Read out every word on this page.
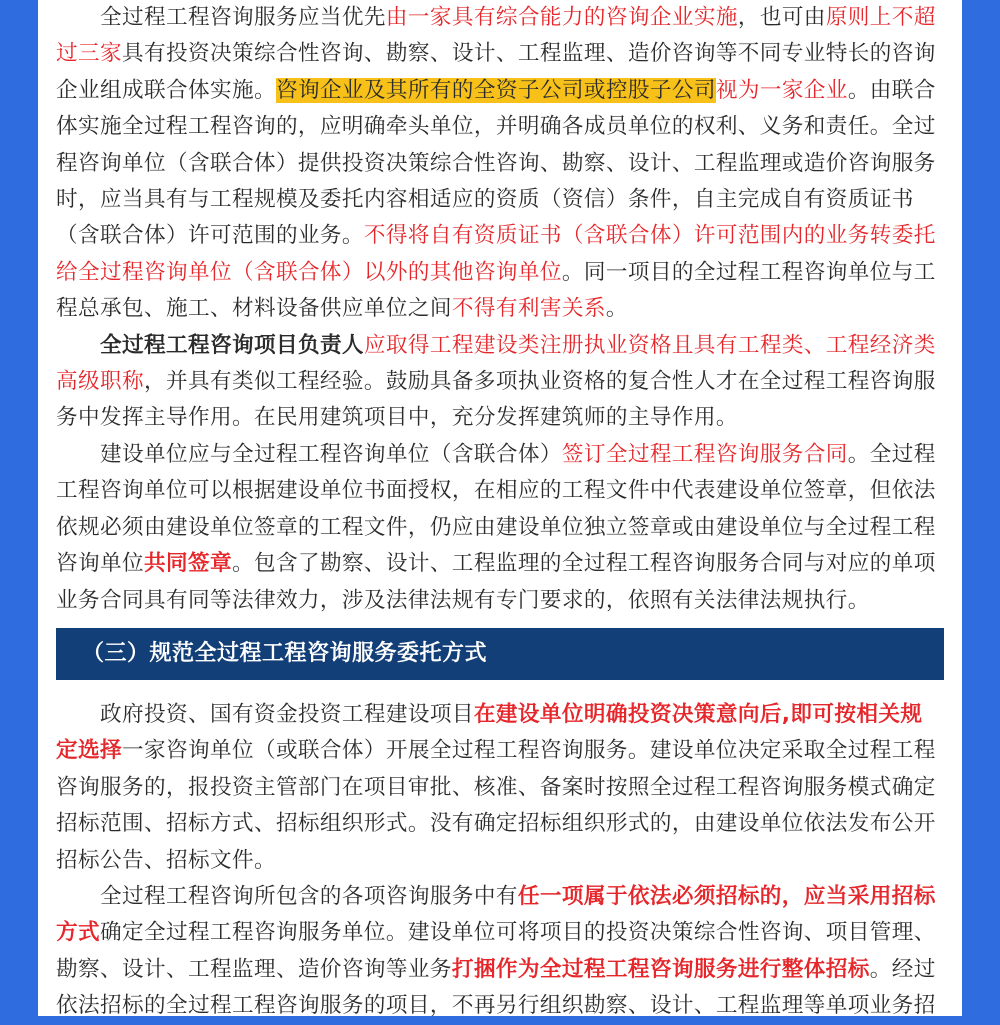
　　全过程工程咨询服务应当优先由一家具有综合能力的咨询企业实施，也可由原则上不超
过三家具有投资决策综合性咨询、勘察、设计、工程监理、造价咨询等不同专业特长的咨询
企业组成联合体实施。咨询企业及其所有的全资子公司或控股子公司视为一家企业。由联合
体实施全过程工程咨询的，应明确牵头单位，并明确各成员单位的权利、义务和责任。全过
程咨询单位（含联合体）提供投资决策综合性咨询、勘察、设计、工程监理或造价咨询服务
时，应当具有与工程规模及委托内容相适应的资质（资信）条件，自主完成自有资质证书
（含联合体）许可范围的业务。不得将自有资质证书（含联合体）许可范围内的业务转委托
给全过程咨询单位（含联合体）以外的其他咨询单位。同一项目的全过程工程咨询单位与工
程总承包、施工、材料设备供应单位之间不得有利害关系。
　　全过程工程咨询项目负责人应取得工程建设类注册执业资格且具有工程类、工程经济类
高级职称，并具有类似工程经验。鼓励具备多项执业资格的复合性人才在全过程工程咨询服
务中发挥主导作用。在民用建筑项目中，充分发挥建筑师的主导作用。
　　建设单位应与全过程工程咨询单位（含联合体）签订全过程工程咨询服务合同。全过程
工程咨询单位可以根据建设单位书面授权，在相应的工程文件中代表建设单位签章，但依法
依规必须由建设单位签章的工程文件，仍应由建设单位独立签章或由建设单位与全过程工程
咨询单位共同签章。包含了勘察、设计、工程监理的全过程工程咨询服务合同与对应的单项
业务合同具有同等法律效力，涉及法律法规有专门要求的，依照有关法律法规执行。
（三）规范全过程工程咨询服务委托方式
　　政府投资、国有资金投资工程建设项目在建设单位明确投资决策意向后,即可按相关规
定选择一家咨询单位（或联合体）开展全过程工程咨询服务。建设单位决定采取全过程工程
咨询服务的，报投资主管部门在项目审批、核准、备案时按照全过程工程咨询服务模式确定
招标范围、招标方式、招标组织形式。没有确定招标组织形式的，由建设单位依法发布公开
招标公告、招标文件。
　　全过程工程咨询所包含的各项咨询服务中有任一项属于依法必须招标的，应当采用招标
方式确定全过程工程咨询服务单位。建设单位可将项目的投资决策综合性咨询、项目管理、
勘察、设计、工程监理、造价咨询等业务打捆作为全过程工程咨询服务进行整体招标。经过
依法招标的全过程工程咨询服务的项目，不再另行组织勘察、设计、工程监理等单项业务招
